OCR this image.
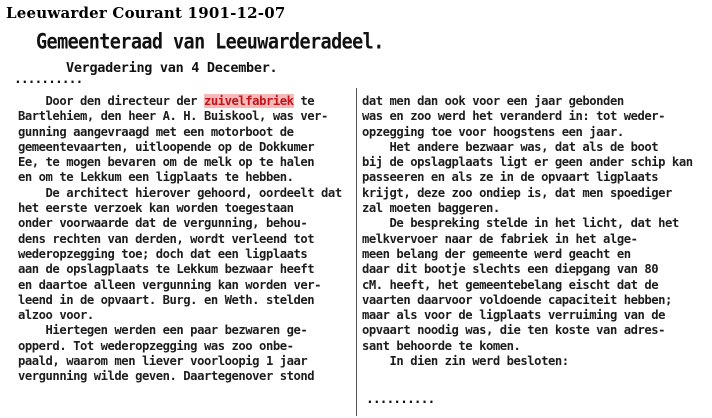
Leeuwarder Courant 1901-12-07
Gemeenteraad van Leeuwarderadeel.
Vergadering van 4 December.
..........
Door den directeur der zuivelfabriek te
Bartlehiem, den heer A. H. Buiskool, was ver-
gunning aangevraagd met een motorboot de
gemeentevaarten, uitloopende op de Dokkumer
Ee, te mogen bevaren om de melk op te halen
en om te Lekkum een ligplaats te hebben.
De architect hierover gehoord, oordeelt dat
het eerste verzoek kan worden toegestaan
onder voorwaarde dat de vergunning, behou-
dens rechten van derden, wordt verleend tot
wederopzegging toe; doch dat een ligplaats
aan de opslagplaats te Lekkum bezwaar heeft
en daartoe alleen vergunning kan worden ver-
leend in de opvaart. Burg. en Weth. stelden
alzoo voor.
Hiertegen werden een paar bezwaren ge-
opperd. Tot wederopzegging was zoo onbe-
paald, waarom men liever voorloopig 1 jaar
vergunning wilde geven. Daartegenover stond
dat men dan ook voor een jaar gebonden
was en zoo werd het veranderd in: tot weder-
opzegging toe voor hoogstens een jaar.
Het andere bezwaar was, dat als de boot
bij de opslagplaats ligt er geen ander schip kan
passeeren en als ze in de opvaart ligplaats
krijgt, deze zoo ondiep is, dat men spoediger
zal moeten baggeren.
De bespreking stelde in het licht, dat het
melkvervoer naar de fabriek in het alge-
meen belang der gemeente werd geacht en
daar dit bootje slechts een diepgang van 80
cM. heeft, het gemeentebelang eischt dat de
vaarten daarvoor voldoende capaciteit hebben;
maar als voor de ligplaats verruiming van de
opvaart noodig was, die ten koste van adres-
sant behoorde te komen.
In dien zin werd besloten:
..........
